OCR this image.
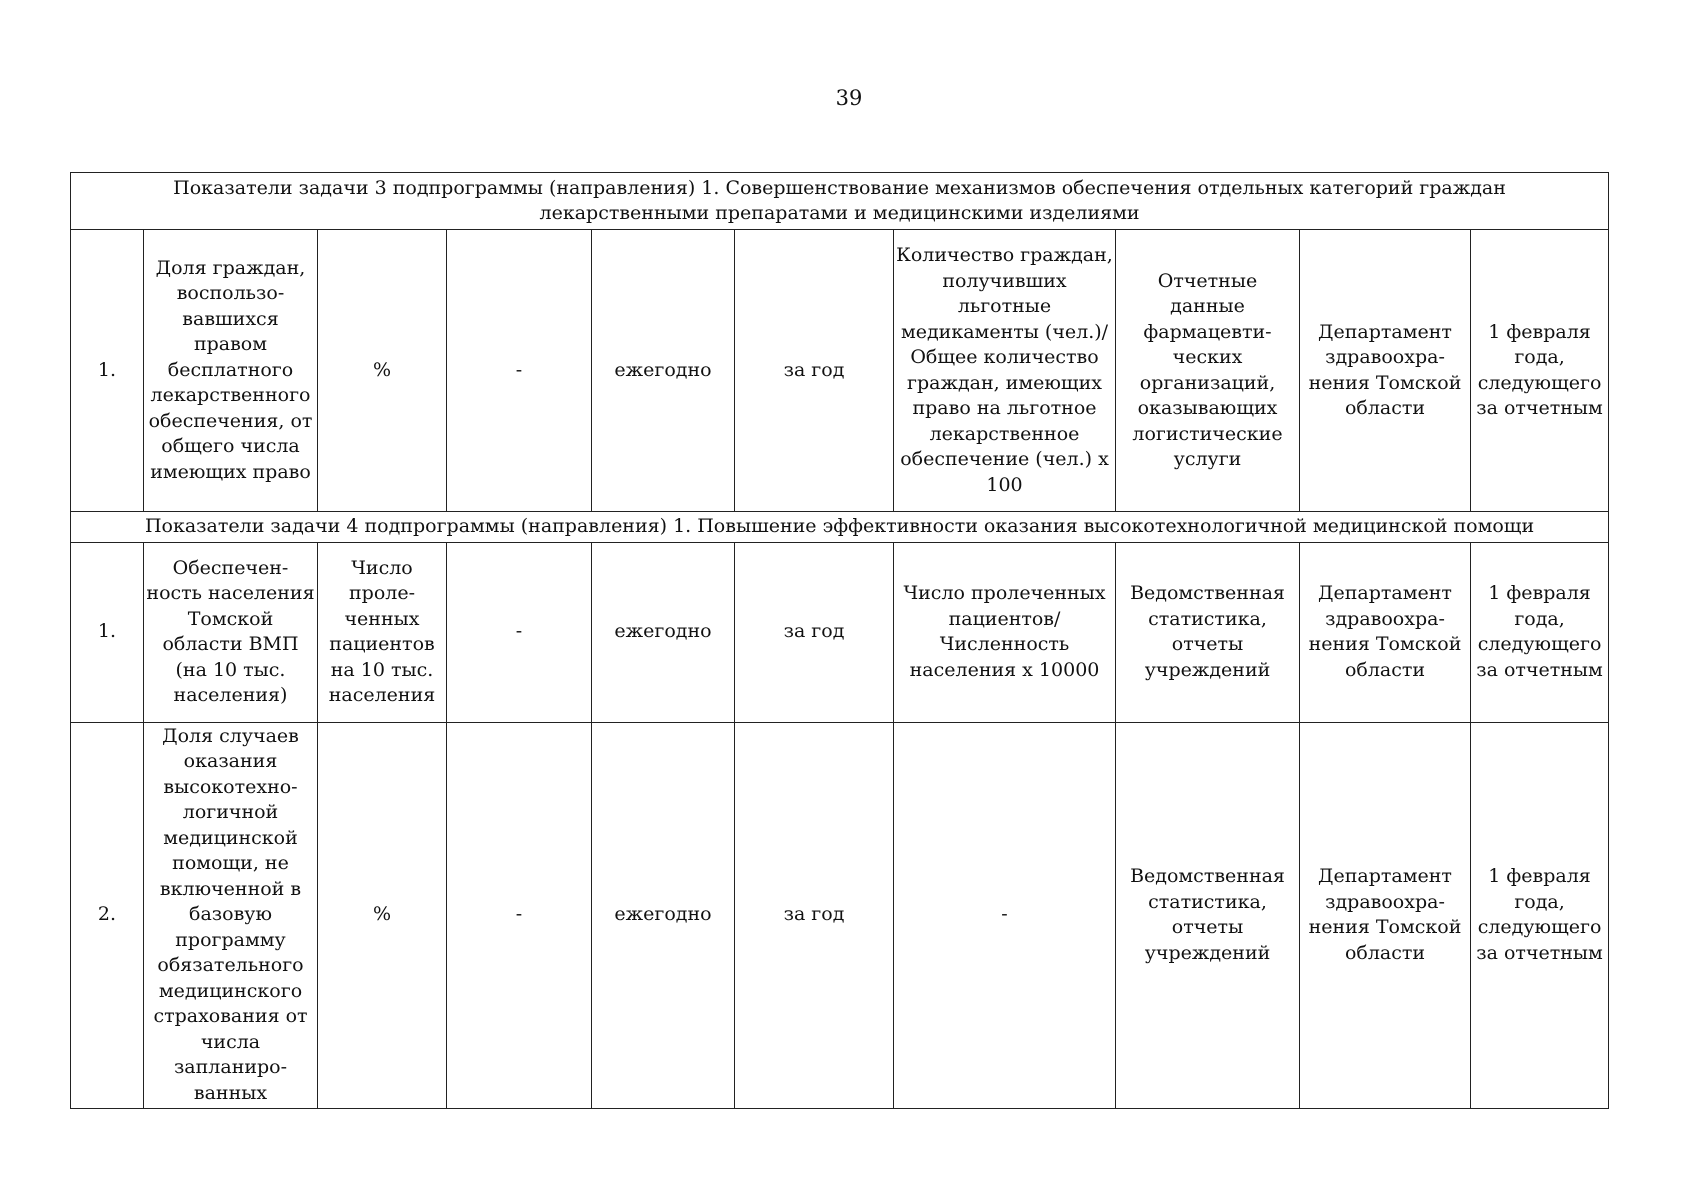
39
Показатели задачи 3 подпрограммы (направления) 1. Совершенствование механизмов обеспечения отдельных категорий граждан лекарственными препаратами и медицинскими изделиями									
1.	Доля граждан, воспользо- вавшихся правом бесплатного лекарственного обеспечения, от общего числа имеющих право	%	-	ежегодно	за год	Количество граждан, получивших льготные медикаменты (чел.)/ Общее количество граждан, имеющих право на льготное лекарственное обеспечение (чел.) х 100	Отчетные данные фармацевти- ческих организаций, оказывающих логистические услуги	Департамент здравоохра- нения Томской области	1 февраля года, следующего за отчетным
Показатели задачи 4 подпрограммы (направления) 1. Повышение эффективности оказания высокотехнологичной медицинской помощи									
1.	Обеспечен- ность населения Томской области ВМП (на 10 тыс. населения)	Число проле- ченных пациентов на 10 тыс. населения	-	ежегодно	за год	Число пролеченных пациентов/ Численность населения х 10000	Ведомственная статистика, отчеты учреждений	Департамент здравоохра- нения Томской области	1 февраля года, следующего за отчетным
2.	Доля случаев оказания высокотехно- логичной медицинской помощи, не включенной в базовую программу обязательного медицинского страхования от числа заплaниро- ванных	%	-	ежегодно	за год	-	Ведомственная статистика, отчеты учреждений	Департамент здравоохра- нения Томской области	1 февраля года, следующего за отчетным
